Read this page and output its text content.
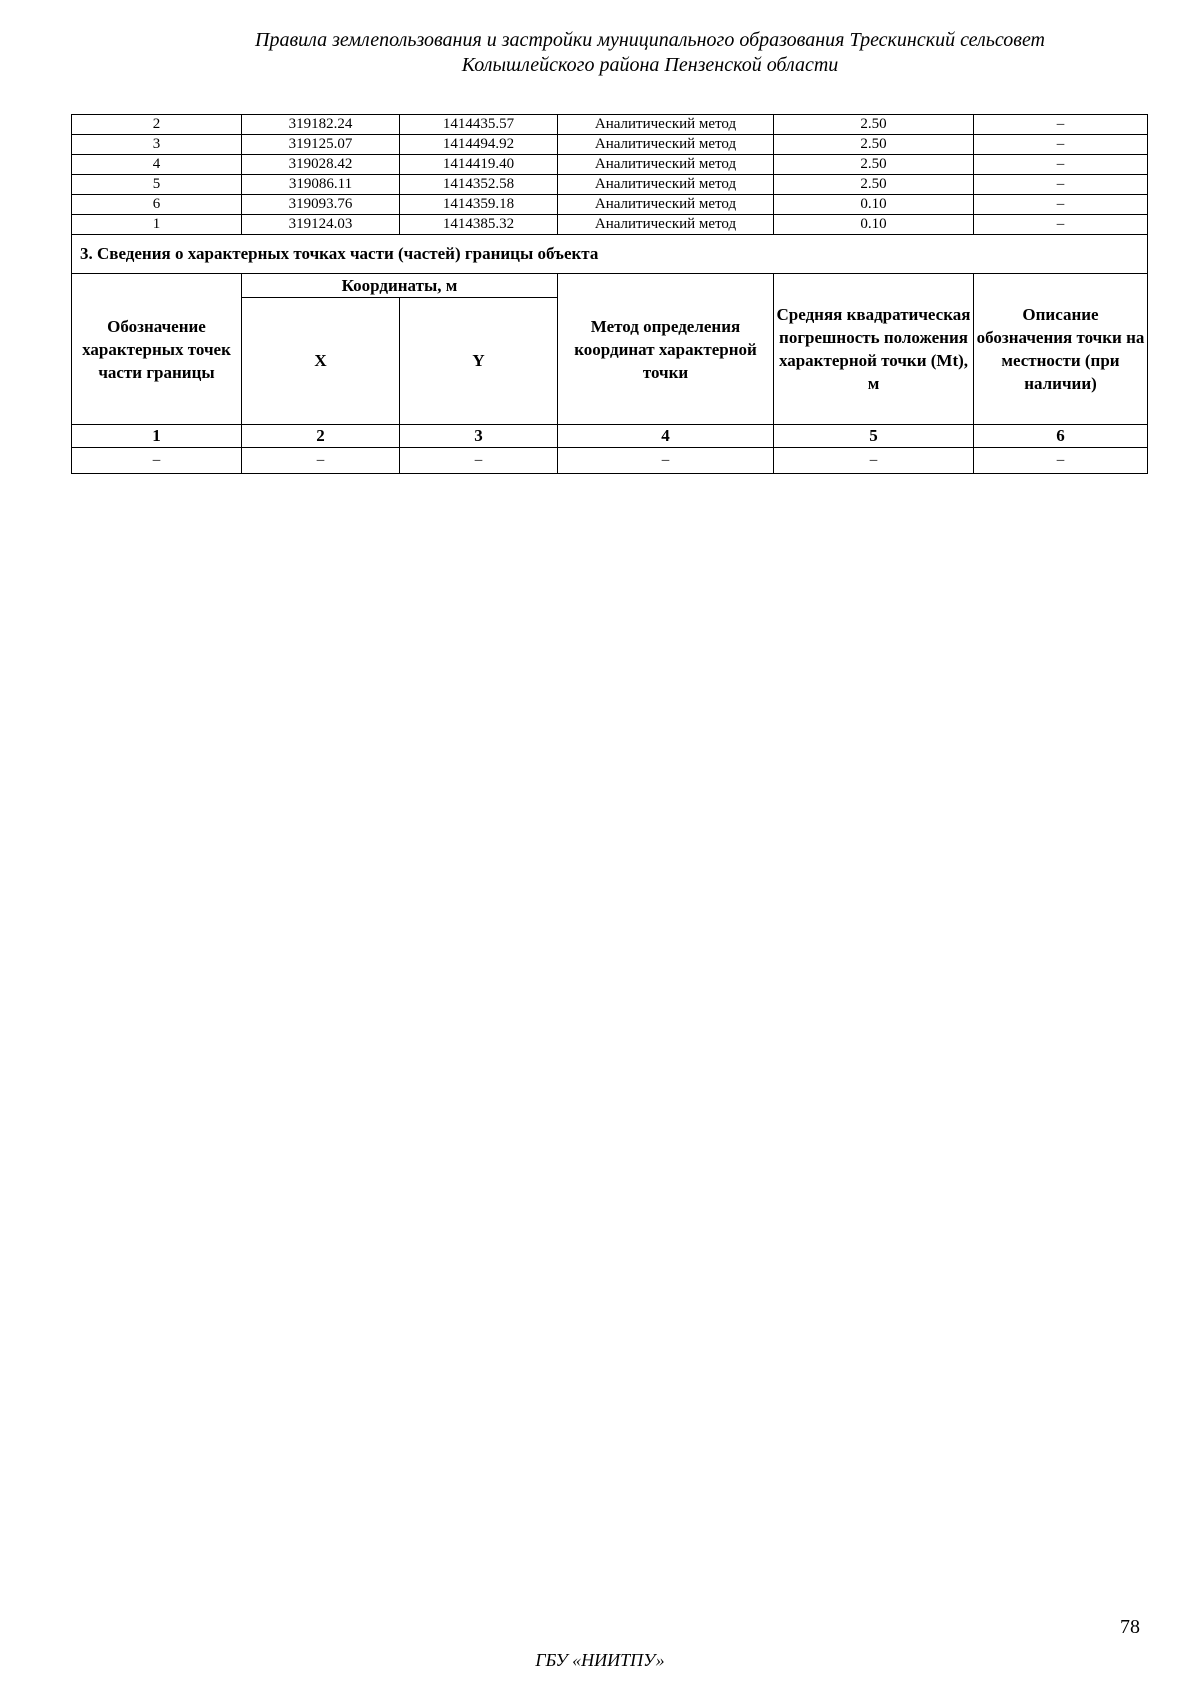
Правила землепользования и застройки муниципального образования Трескинский сельсовет
Колышлейского района Пензенской области
2	319182.24	1414435.57	Аналитический метод	2.50	–
3	319125.07	1414494.92	Аналитический метод	2.50	–
4	319028.42	1414419.40	Аналитический метод	2.50	–
5	319086.11	1414352.58	Аналитический метод	2.50	–
6	319093.76	1414359.18	Аналитический метод	0.10	–
1	319124.03	1414385.32	Аналитический метод	0.10	–
3. Сведения о характерных точках части (частей) границы объекта					
Обозначение характерных точек части границы	Координаты, м		Метод определения координат характерной точки	Средняя квадратическая погрешность положения характерной точки (Mt), м	Описание обозначения точки на местности (при наличии)
	X	Y			
1	2	3	4	5	6
–	–	–	–	–	–
78
ГБУ «НИИТПУ»
